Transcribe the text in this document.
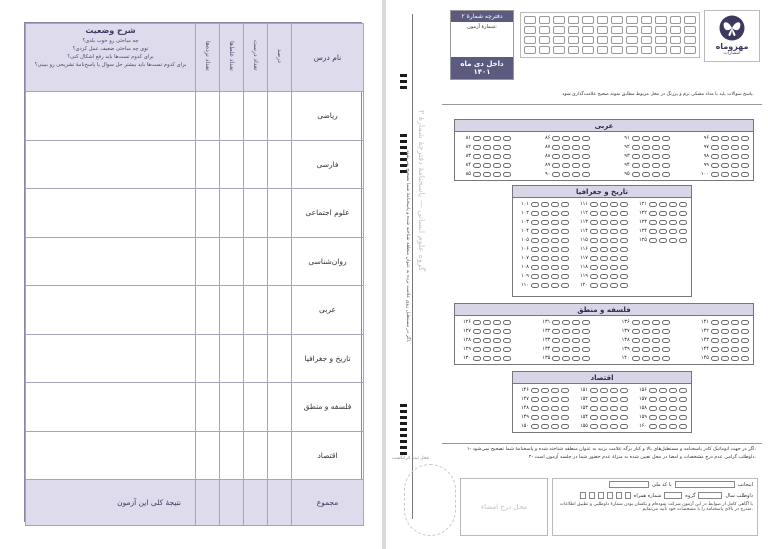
شرح وضعیت
چه مباحثی رو خوب بلدی؟
توی چه مباحثی ضعیف عمل کردی؟
برای کدوم تست‌ها باید رفع اشکال کنی؟
برای کدوم تست‌ها باید بیشتر حل سوال یا پاسخ‌نامهٔ تشریحی رو ببینی؟	تعداد نزده‌ها	تعداد غلط‌ها	تعداد درست	درصد	نام درس
					ریاضی
					فارسی
					علوم اجتماعی
					روان‌شناسی
					عربی
					تاریخ و جغرافیا
					فلسفه و منطق
					اقتصاد
نتیجهٔ کلی این آزمون					مجموع
گروه علوم انسانی — پاسخنامهٔ دفترچهٔ شمارهٔ ۲
دفترچه شمارهٔ ۲
شمارهٔ آزمون:
داخل دی ماه ۱۴۰۱
مهروماه
انتشارات
پاسخ سوالات باید با مداد مشکی نرم و پررنگ در محل مربوط مطابق نمونه صحیح علامت‌گذاری شود.
اگر در مستطیل روی علامت نزده به عنوان منطقه شناخته شده و پاسخنامهٔ شما تصحیح نمی‌شود.
عربی
۸۱
۸۲
۸۳
۸۴
۸۵
۸۶
۸۷
۸۸
۸۹
۹۰
۹۱
۹۲
۹۳
۹۴
۹۵
۹۶
۹۷
۹۸
۹۹
۱۰۰
تاریخ و جغرافیا
۱۰۱
۱۰۲
۱۰۳
۱۰۴
۱۰۵
۱۰۶
۱۰۷
۱۰۸
۱۰۹
۱۱۰
۱۱۱
۱۱۲
۱۱۳
۱۱۴
۱۱۵
۱۱۶
۱۱۷
۱۱۸
۱۱۹
۱۲۰
۱۲۱
۱۲۲
۱۲۳
۱۲۴
۱۲۵
فلسفه و منطق
۱۲۶
۱۲۷
۱۲۸
۱۲۹
۱۳۰
۱۳۱
۱۳۲
۱۳۳
۱۳۴
۱۳۵
۱۳۶
۱۳۷
۱۳۸
۱۳۹
۱۴۰
۱۴۱
۱۴۲
۱۴۳
۱۴۴
۱۴۵
اقتصاد
۱۴۶
۱۴۷
۱۴۸
۱۴۹
۱۵۰
۱۵۱
۱۵۲
۱۵۳
۱۵۴
۱۵۵
۱۵۶
۱۵۷
۱۵۸
۱۵۹
۱۶۰

۱- اگر در جهت اتوماتیک کادر پاسخنامه و مستطیل‌های بالا و کنار برگه علامت بزنید به عنوان منطقه شناخته شده و پاسخنامهٔ شما تصحیح نمی‌شود.

۲- داوطلب گرامی عدم درج مشخصات و امضا در محل تعیین شده به منزلهٔ عدم حضور شما در جلسه آزمون است.

محل ثبت اثرانگشت
محل درج امضاء
با کد ملی	اینجانب
شماره همراه	گروه	داوطلب سال
با آگاهی کامل از ضوابط در این آزمون شرکت نموده‌ام و یکسان بودن شمارهٔ داوطلبی و تطبیق اطلاعات مندرج در بالای پاسخنامه را با مشخصات خود تأیید می‌نمایم.
